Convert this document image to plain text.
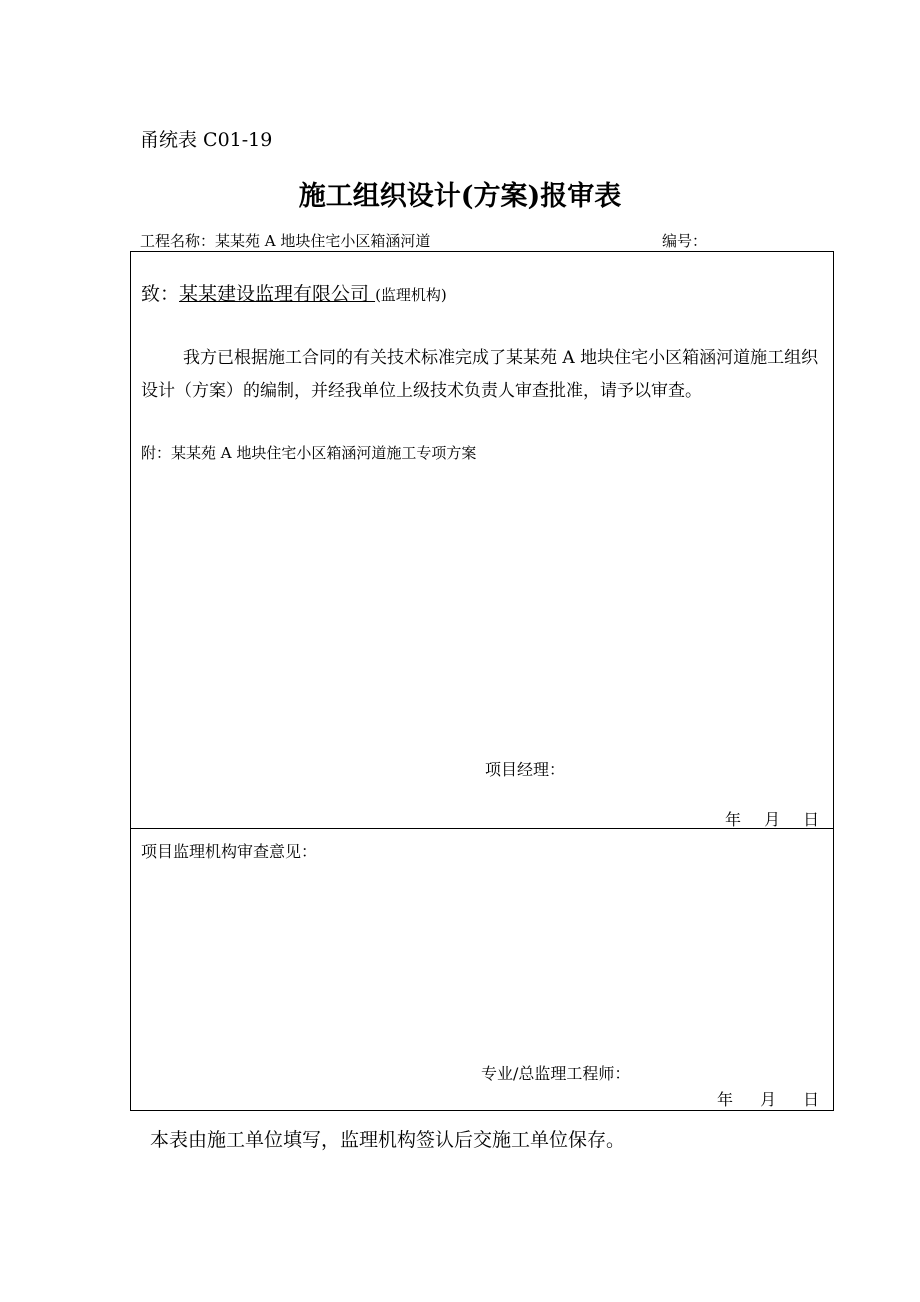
甬统表 C01-19
施工组织设计(方案)报审表
工程名称：某某苑 A 地块住宅小区箱涵河道	编号：
致：某某建设监理有限公司 (监理机构)
我方已根据施工合同的有关技术标准完成了某某苑 A 地块住宅小区箱涵河道施工组织设计（方案）的编制，并经我单位上级技术负责人审查批准，请予以审查。
附：某某苑 A 地块住宅小区箱涵河道施工专项方案
项目经理：
年 月 日
项目监理机构审查意见：
专业/总监理工程师：
年 月 日
本表由施工单位填写，监理机构签认后交施工单位保存。
